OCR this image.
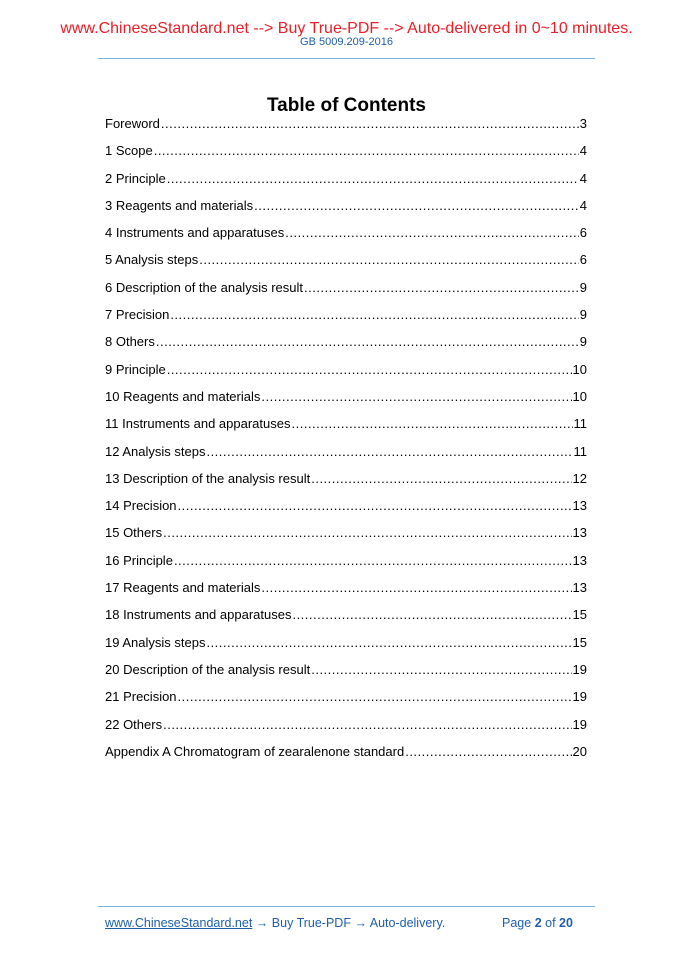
www.ChineseStandard.net --> Buy True-PDF --> Auto-delivered in 0~10 minutes.
GB 5009.209-2016
Table of Contents
Foreword .....	3
1 Scope .....	4
2 Principle .....	4
3 Reagents and materials .....	4
4 Instruments and apparatuses .....	6
5 Analysis steps .....	6
6 Description of the analysis result .....	9
7 Precision .....	9
8 Others .....	9
9 Principle .....	10
10 Reagents and materials .....	10
11 Instruments and apparatuses .....	11
12 Analysis steps .....	11
13 Description of the analysis result .....	12
14 Precision .....	13
15 Others .....	13
16 Principle .....	13
17 Reagents and materials .....	13
18 Instruments and apparatuses .....	15
19 Analysis steps .....	15
20 Description of the analysis result .....	19
21 Precision .....	19
22 Others .....	19
Appendix A Chromatogram of zearalenone standard .....	20
www.ChineseStandard.net → Buy True-PDF → Auto-delivery.	Page 2 of 20
